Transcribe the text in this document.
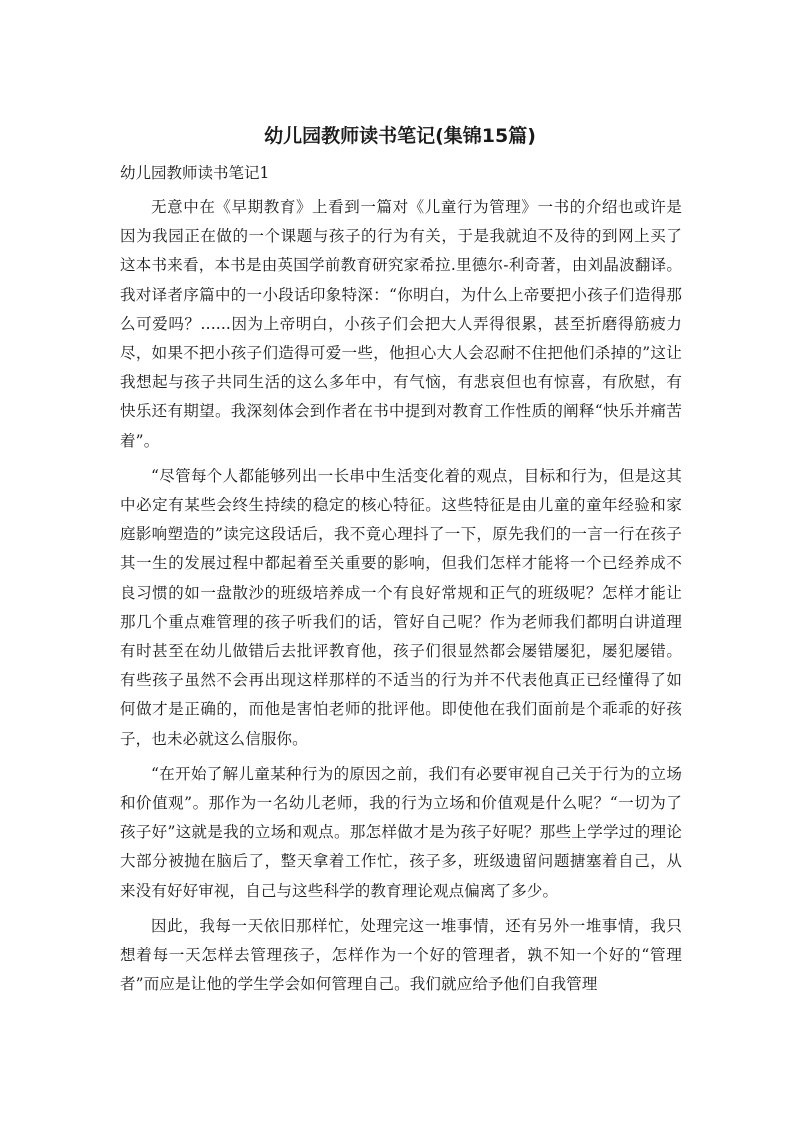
幼儿园教师读书笔记(集锦15篇)

幼儿园教师读书笔记1

无意中在《早期教育》上看到一篇对《儿童行为管理》一书的介绍也或许是因为我园正在做的一个课题与孩子的行为有关，于是我就迫不及待的到网上买了这本书来看，本书是由英国学前教育研究家希拉.里德尔-利奇著，由刘晶波翻译。我对译者序篇中的一小段话印象特深：“你明白，为什么上帝要把小孩子们造得那么可爱吗？......因为上帝明白，小孩子们会把大人弄得很累，甚至折磨得筋疲力尽，如果不把小孩子们造得可爱一些，他担心大人会忍耐不住把他们杀掉的”这让我想起与孩子共同生活的这么多年中，有气恼，有悲哀但也有惊喜，有欣慰，有快乐还有期望。我深刻体会到作者在书中提到对教育工作性质的阐释“快乐并痛苦着”。

“尽管每个人都能够列出一长串中生活变化着的观点，目标和行为，但是这其中必定有某些会终生持续的稳定的核心特征。这些特征是由儿童的童年经验和家庭影响塑造的”读完这段话后，我不竟心理抖了一下，原先我们的一言一行在孩子其一生的发展过程中都起着至关重要的影响，但我们怎样才能将一个已经养成不良习惯的如一盘散沙的班级培养成一个有良好常规和正气的班级呢？怎样才能让那几个重点难管理的孩子听我们的话，管好自己呢？作为老师我们都明白讲道理有时甚至在幼儿做错后去批评教育他，孩子们很显然都会屡错屡犯，屡犯屡错。有些孩子虽然不会再出现这样那样的不适当的行为并不代表他真正已经懂得了如何做才是正确的，而他是害怕老师的批评他。即使他在我们面前是个乖乖的好孩子，也未必就这么信服你。

“在开始了解儿童某种行为的原因之前，我们有必要审视自己关于行为的立场和价值观”。那作为一名幼儿老师，我的行为立场和价值观是什么呢？“一切为了孩子好”这就是我的立场和观点。那怎样做才是为孩子好呢？那些上学学过的理论大部分被抛在脑后了，整天拿着工作忙，孩子多，班级遗留问题搪塞着自己，从来没有好好审视，自己与这些科学的教育理论观点偏离了多少。

因此，我每一天依旧那样忙，处理完这一堆事情，还有另外一堆事情，我只想着每一天怎样去管理孩子，怎样作为一个好的管理者，孰不知一个好的“管理者”而应是让他的学生学会如何管理自己。我们就应给予他们自我管理
